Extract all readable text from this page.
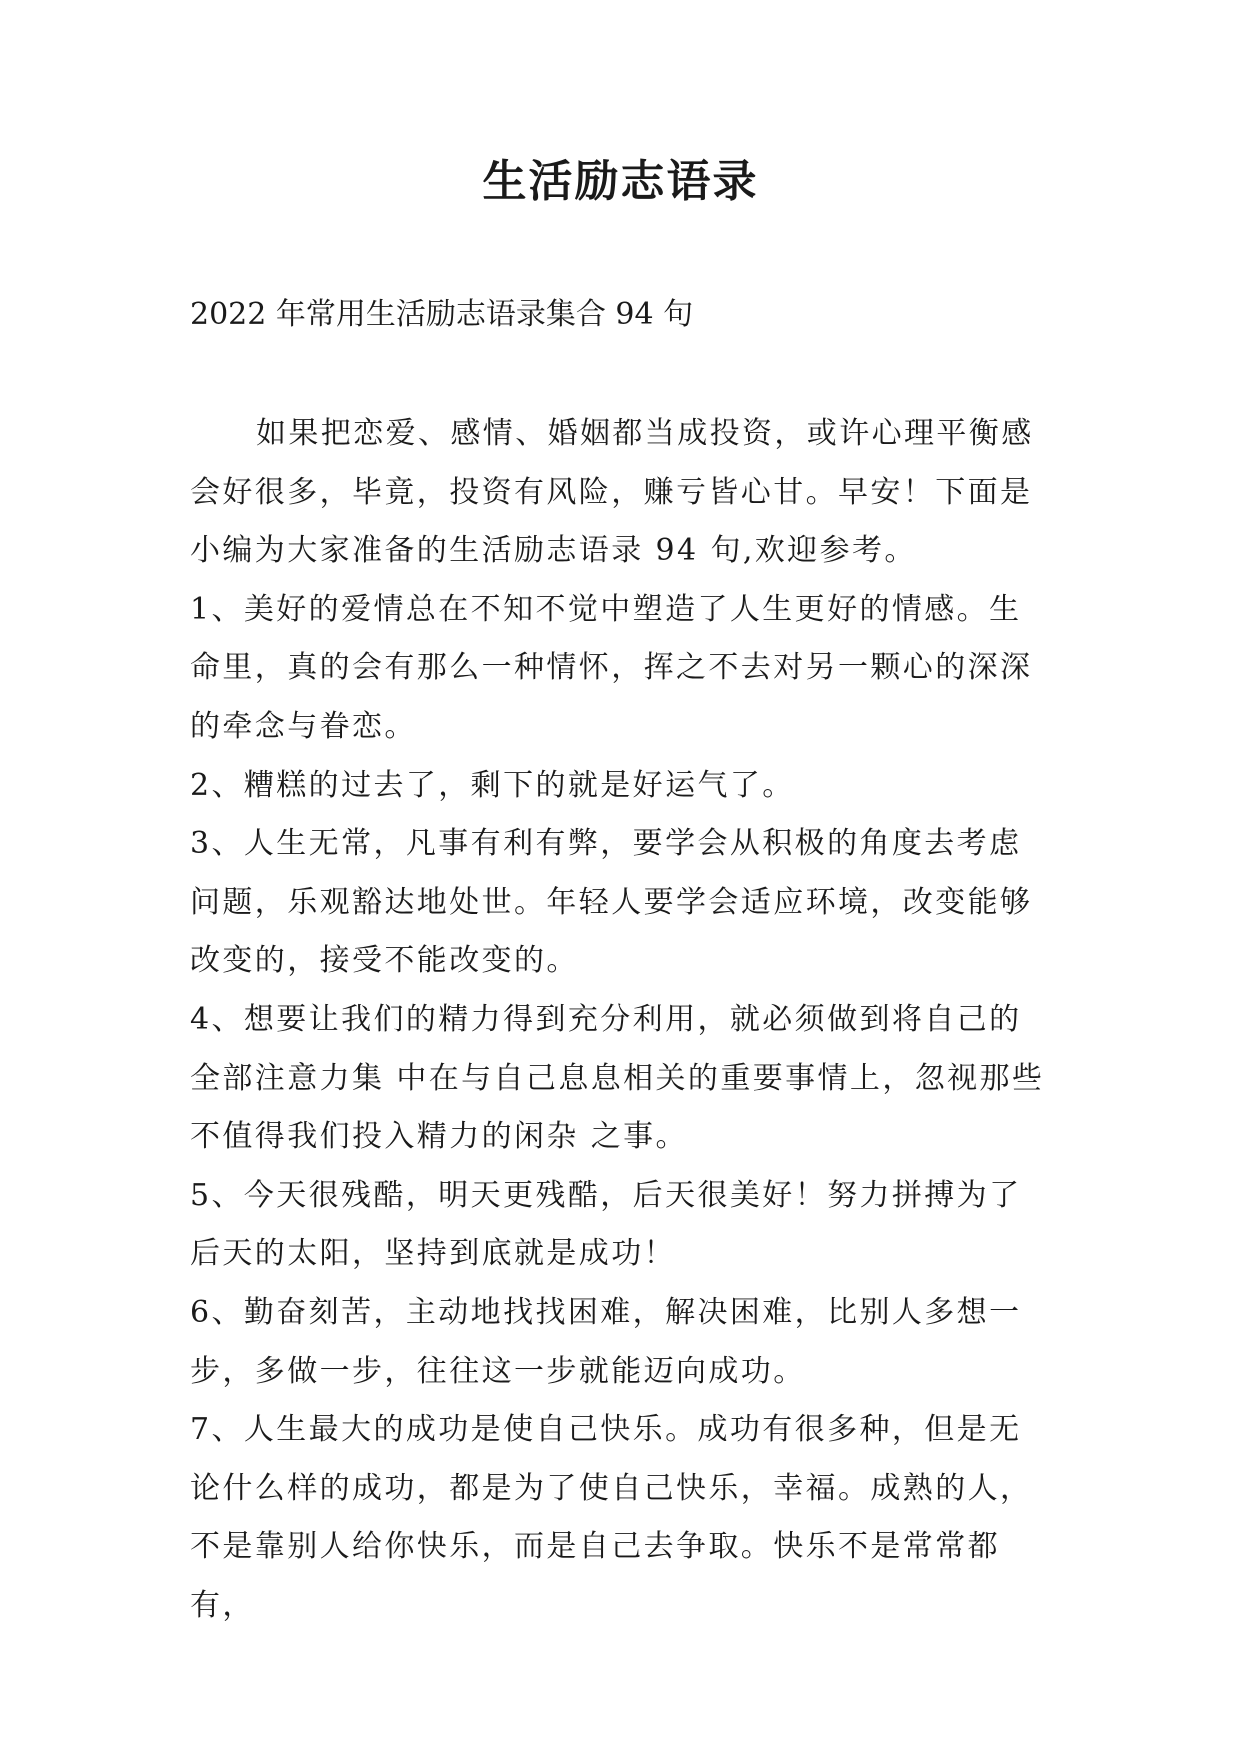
生活励志语录

2022 年常用生活励志语录集合 94 句

如果把恋爱、感情、婚姻都当成投资，或许心理平衡感会好很多，毕竟，投资有风险，赚亏皆心甘。早安！下面是小编为大家准备的生活励志语录 94 句,欢迎参考。

1、美好的爱情总在不知不觉中塑造了人生更好的情感。生命里，真的会有那么一种情怀，挥之不去对另一颗心的深深的牵念与眷恋。

2、糟糕的过去了，剩下的就是好运气了。

3、人生无常，凡事有利有弊，要学会从积极的角度去考虑问题，乐观豁达地处世。年轻人要学会适应环境，改变能够改变的，接受不能改变的。

4、想要让我们的精力得到充分利用，就必须做到将自己的全部注意力集 中在与自己息息相关的重要事情上，忽视那些不值得我们投入精力的闲杂 之事。

5、今天很残酷，明天更残酷，后天很美好！努力拼搏为了后天的太阳，坚持到底就是成功！

6、勤奋刻苦，主动地找找困难，解决困难，比别人多想一步，多做一步，往往这一步就能迈向成功。

7、人生最大的成功是使自己快乐。成功有很多种，但是无论什么样的成功，都是为了使自己快乐，幸福。成熟的人，不是靠别人给你快乐，而是自己去争取。快乐不是常常都有，
